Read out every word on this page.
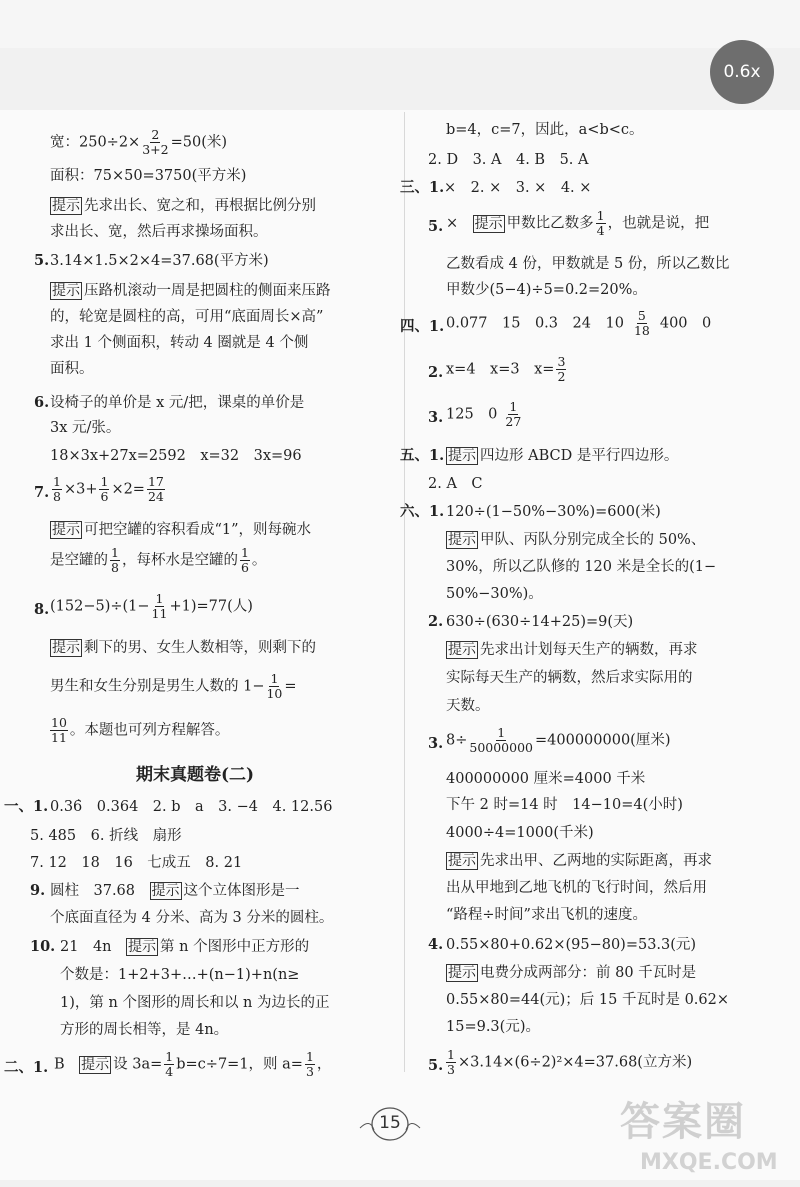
0.6x
宽：$250\div 2\times \frac{2}{3+2} =50$(米)
面积：75×50=3750(平方米)
提示 先求出长、宽之和，再根据比例分别
求出长、宽，然后再求操场面积。
5. 3.14×1.5×2×4=37.68(平方米)
提示 压路机滚动一周是把圆柱的侧面来压路
的，轮宽是圆柱的高，可用“底面周长×高”
求出 1 个侧面积，转动 4 圈就是 4 个侧
面积。
6. 设椅子的单价是 x 元/把，课桌的单价是
3x 元/张。
18×3x+27x=2592　x=32　3x=96
7. $\frac{1}{8} \times 3+ \frac{1}{6} \times 2= \frac{17}{24}$
提示 可把空罐的容积看成“1”，则每碗水
是空罐的 $\frac{1}{8}$ ，每杯水是空罐的 $\frac{1}{6}$ 。
8. $(152-5)\div(1- \frac{1}{11} +1)=77$(人)
提示 剩下的男、女生人数相等，则剩下的
男生和女生分别是男生人数的 $1- \frac{1}{10}$ =
$\frac{10}{11}$ 。本题也可列方程解答。
期末真题卷(二)
一、1. 0.36̇　0.364　2. b　a　3. −4　4. 12.56
5. 485　6. 折线　扇形
7. 12　18　16　七成五　8. 21
9. 圆柱　37.68　提示 这个立体图形是一
个底面直径为 4 分米、高为 3 分米的圆柱。
10. 21　4n　提示 第 n 个图形中正方形的
个数是：1+2+3+…+(n−1)+n(n≥
1)，第 n 个图形的周长和以 n 为边长的正
方形的周长相等，是 4n。
二、1. B　提示 设 $3a= \frac{1}{4} b=c\div 7=1$，则 $a= \frac{1}{3}$ ，
b=4，c=7，因此，a<b<c。
2. D　3. A　4. B　5. A
三、1. ×　2. ×　3. ×　4. ×
5. ×　提示 甲数比乙数多 $\frac{1}{4}$ ，也就是说，把
乙数看成 4 份，甲数就是 5 份，所以乙数比
甲数少(5−4)÷5=0.2=20%。
四、1. 0.077　15　0.3　24　$10 \frac{5}{18} 400$　0
2. x=4　x=3　$x= \frac{3}{2}$
3. 125　$0 \frac{1}{27}$
五、1. 提示 四边形 ABCD 是平行四边形。
2. A　C
六、1. 120÷(1−50%−30%)=600(米)
提示 甲队、丙队分别完成全长的 50%、
30%，所以乙队修的 120 米是全长的(1−
50%−30%)。
2. 630÷(630÷14+25)=9(天)
提示 先求出计划每天生产的辆数，再求
实际每天生产的辆数，然后求实际用的
天数。
3. $8\div \frac{1}{50000000} =400000000$(厘米)
400000000 厘米=4000 千米
下午 2 时=14 时　14−10=4(小时)
4000÷4=1000(千米)
提示 先求出甲、乙两地的实际距离，再求
出从甲地到乙地飞机的飞行时间，然后用
“路程÷时间”求出飞机的速度。
4. 0.55×80+0.62×(95−80)=53.3(元)
提示 电费分成两部分：前 80 千瓦时是
0.55×80=44(元)；后 15 千瓦时是 0.62×
15=9.3(元)。
5. $\frac{1}{3} \times 3.14\times(6\div 2)^2\times 4=37.68$(立方米)
15	答案圈
MXQE.COM
